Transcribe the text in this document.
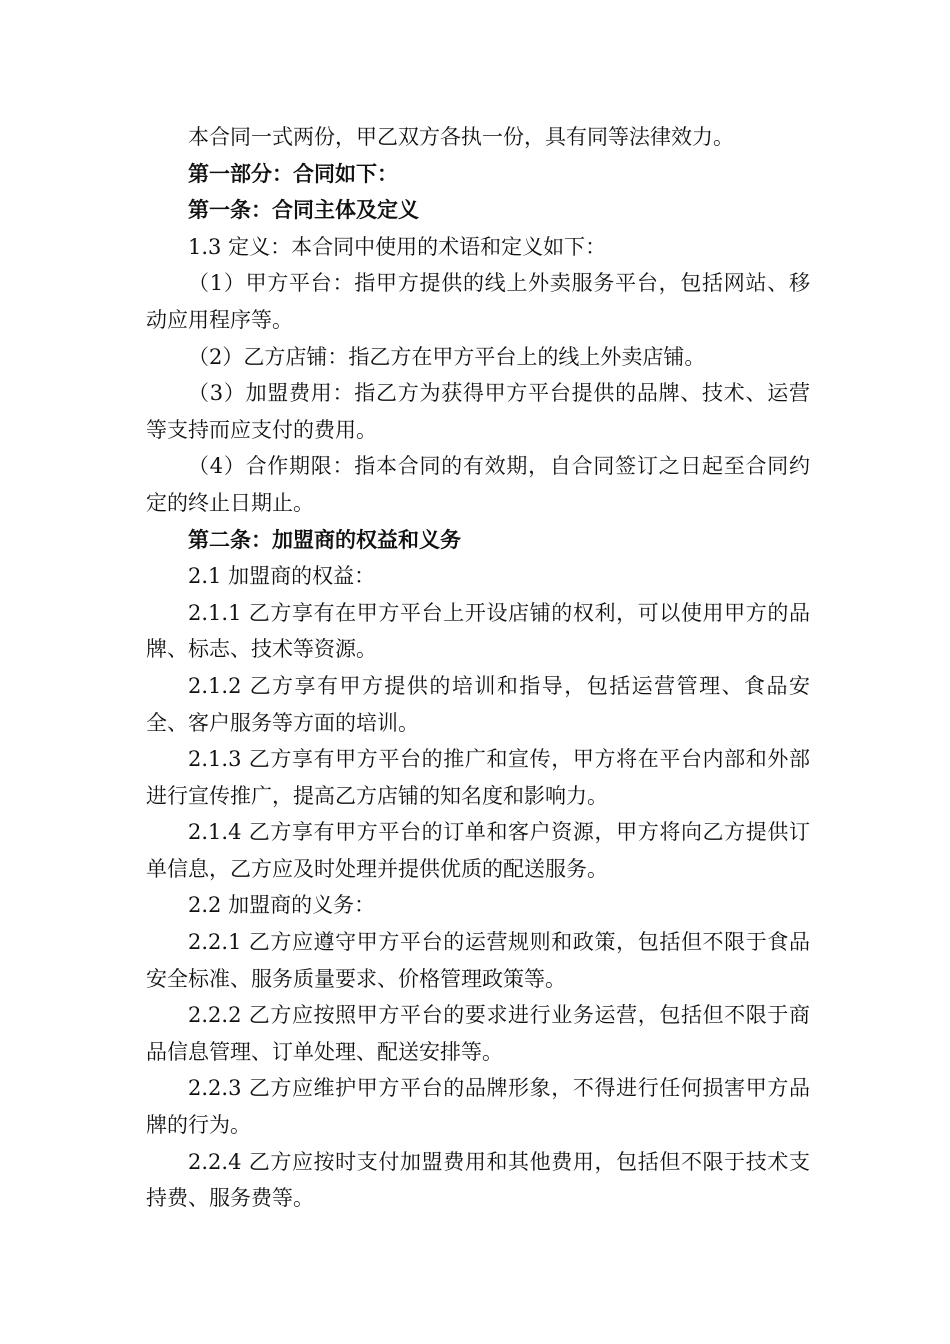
本合同一式两份，甲乙双方各执一份，具有同等法律效力。

第一部分：合同如下：

第一条：合同主体及定义

1.3 定义：本合同中使用的术语和定义如下：

（1）甲方平台：指甲方提供的线上外卖服务平台，包括网站、移动应用程序等。

（2）乙方店铺：指乙方在甲方平台上的线上外卖店铺。

（3）加盟费用：指乙方为获得甲方平台提供的品牌、技术、运营等支持而应支付的费用。

（4）合作期限：指本合同的有效期，自合同签订之日起至合同约定的终止日期止。

第二条：加盟商的权益和义务

2.1 加盟商的权益：

2.1.1 乙方享有在甲方平台上开设店铺的权利，可以使用甲方的品牌、标志、技术等资源。

2.1.2 乙方享有甲方提供的培训和指导，包括运营管理、食品安全、客户服务等方面的培训。

2.1.3 乙方享有甲方平台的推广和宣传，甲方将在平台内部和外部进行宣传推广，提高乙方店铺的知名度和影响力。

2.1.4 乙方享有甲方平台的订单和客户资源，甲方将向乙方提供订单信息，乙方应及时处理并提供优质的配送服务。

2.2 加盟商的义务：

2.2.1 乙方应遵守甲方平台的运营规则和政策，包括但不限于食品安全标准、服务质量要求、价格管理政策等。

2.2.2 乙方应按照甲方平台的要求进行业务运营，包括但不限于商品信息管理、订单处理、配送安排等。

2.2.3 乙方应维护甲方平台的品牌形象，不得进行任何损害甲方品牌的行为。

2.2.4 乙方应按时支付加盟费用和其他费用，包括但不限于技术支持费、服务费等。
